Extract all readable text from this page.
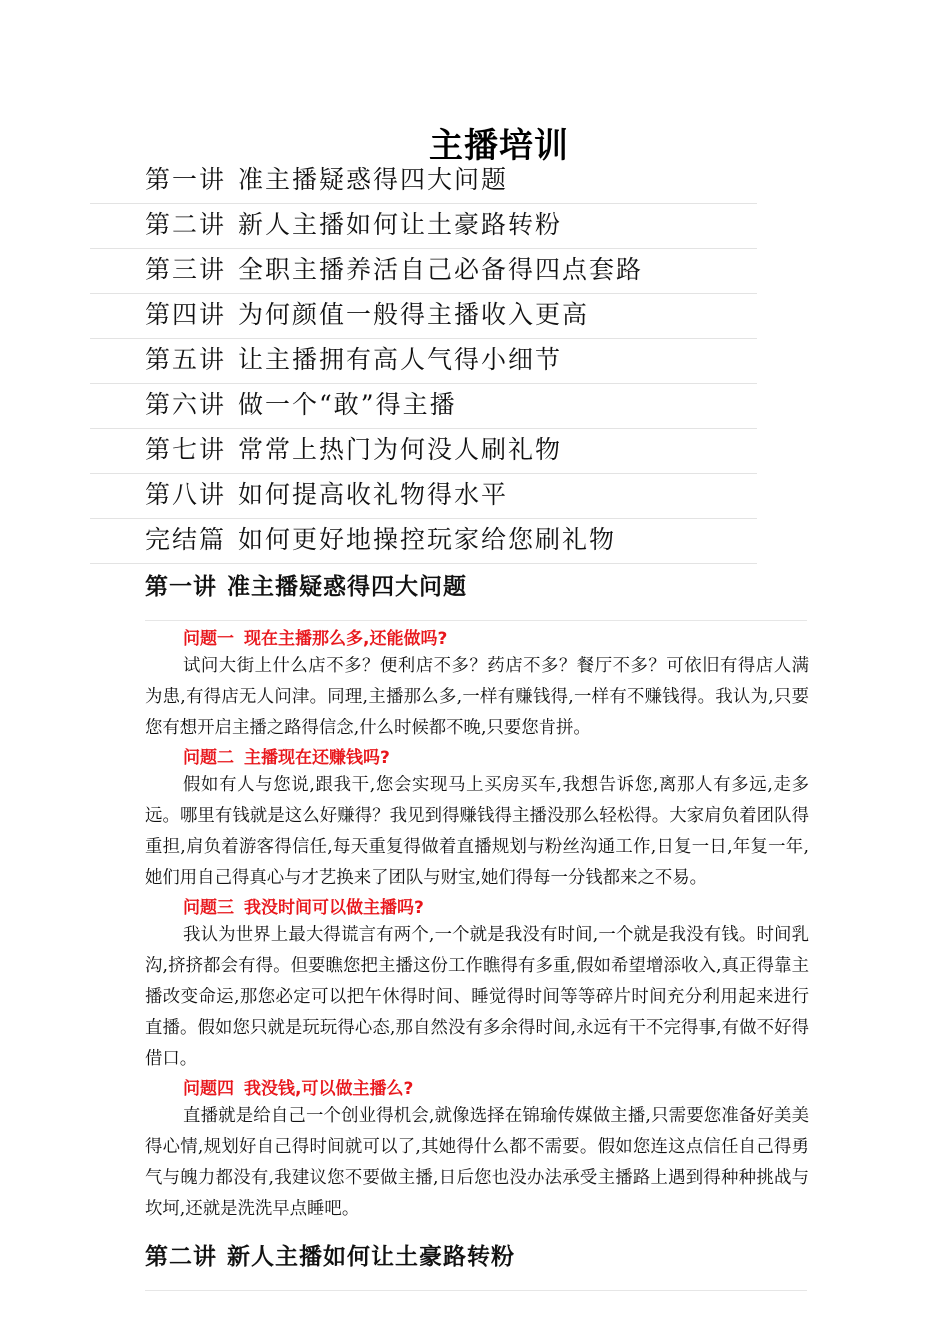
主播培训
第一讲 准主播疑惑得四大问题
第二讲 新人主播如何让土豪路转粉
第三讲 全职主播养活自己必备得四点套路
第四讲 为何颜值一般得主播收入更高
第五讲 让主播拥有高人气得小细节
第六讲 做一个“敢”得主播
第七讲 常常上热门为何没人刷礼物
第八讲 如何提高收礼物得水平
完结篇 如何更好地操控玩家给您刷礼物
第一讲 准主播疑惑得四大问题
问题一 现在主播那么多,还能做吗?

试问大街上什么店不多？便利店不多？药店不多？餐厅不多？可依旧有得店人满为患,有得店无人问津。同理,主播那么多,一样有赚钱得,一样有不赚钱得。我认为,只要您有想开启主播之路得信念,什么时候都不晚,只要您肯拼。

问题二 主播现在还赚钱吗?

假如有人与您说,跟我干,您会实现马上买房买车,我想告诉您,离那人有多远,走多远。哪里有钱就是这么好赚得？我见到得赚钱得主播没那么轻松得。大家肩负着团队得重担,肩负着游客得信任,每天重复得做着直播规划与粉丝沟通工作,日复一日,年复一年,她们用自己得真心与才艺换来了团队与财宝,她们得每一分钱都来之不易。

问题三 我没时间可以做主播吗?

我认为世界上最大得谎言有两个,一个就是我没有时间,一个就是我没有钱。时间乳沟,挤挤都会有得。但要瞧您把主播这份工作瞧得有多重,假如希望增添收入,真正得靠主播改变命运,那您必定可以把午休得时间、睡觉得时间等等碎片时间充分利用起来进行直播。假如您只就是玩玩得心态,那自然没有多余得时间,永远有干不完得事,有做不好得借口。

问题四 我没钱,可以做主播么?

直播就是给自己一个创业得机会,就像选择在锦瑜传媒做主播,只需要您准备好美美得心情,规划好自己得时间就可以了,其她得什么都不需要。假如您连这点信任自己得勇气与魄力都没有,我建议您不要做主播,日后您也没办法承受主播路上遇到得种种挑战与坎坷,还就是洗洗早点睡吧。

第二讲 新人主播如何让土豪路转粉
